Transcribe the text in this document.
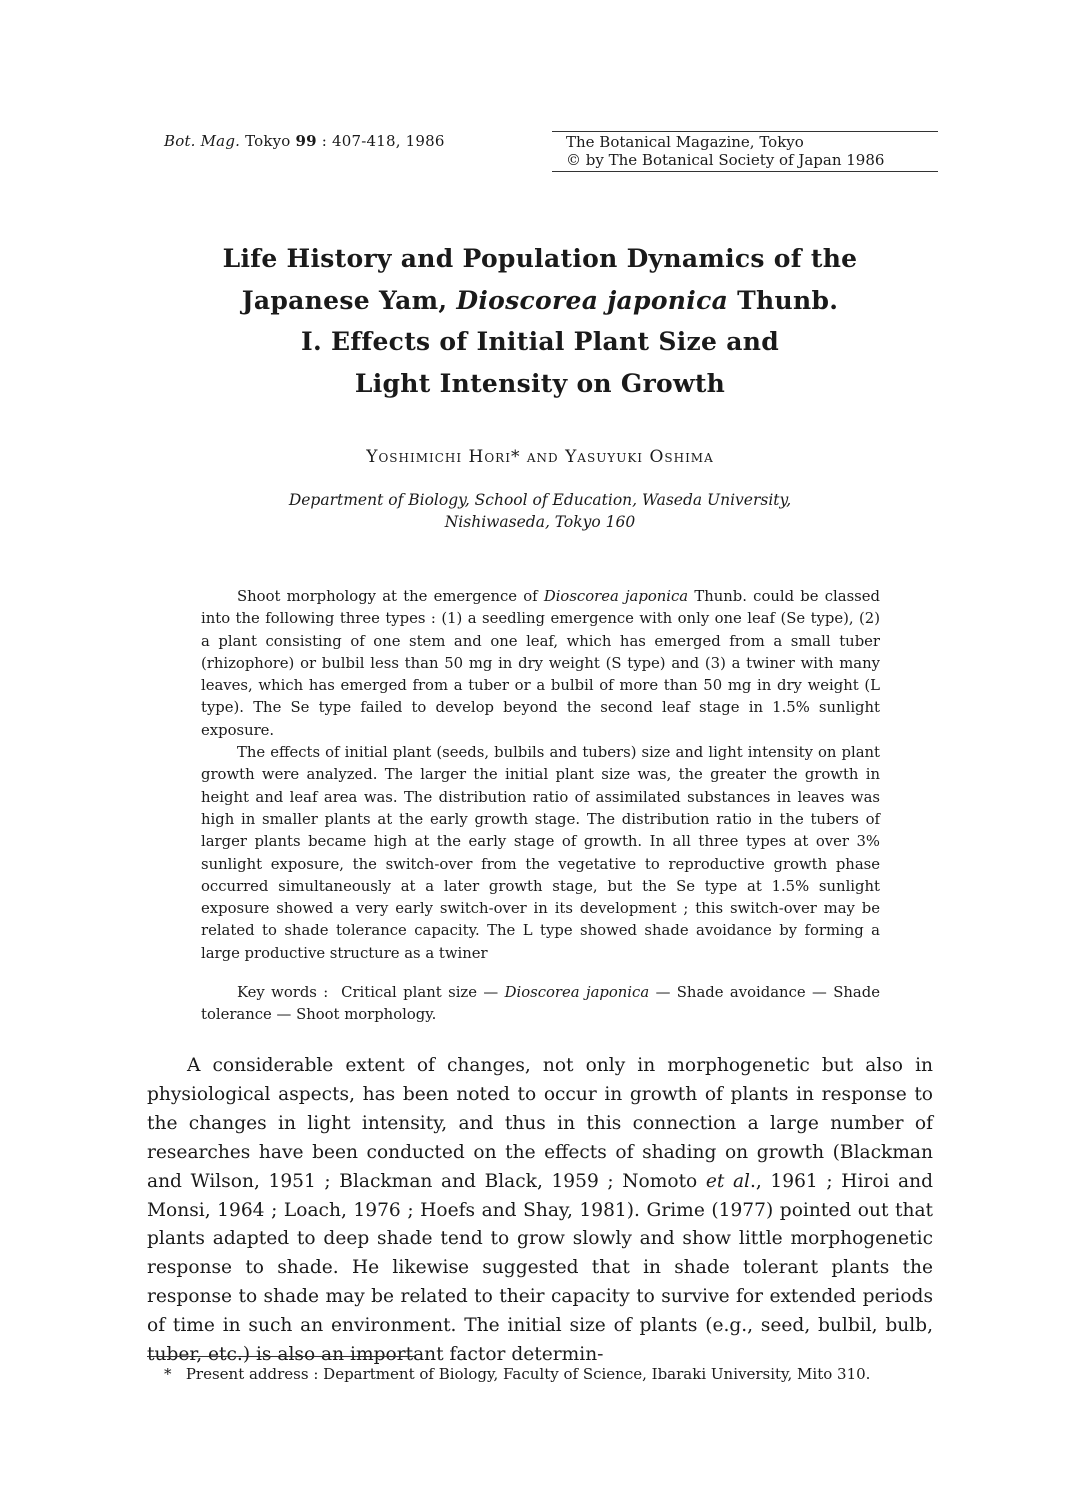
Bot. Mag. Tokyo 99 : 407-418, 1986	The Botanical Magazine, Tokyo
© by The Botanical Society of Japan 1986
Life History and Population Dynamics of the
Japanese Yam, Dioscorea japonica Thunb.
I. Effects of Initial Plant Size and
Light Intensity on Growth
Yoshimichi Hori* and Yasuyuki Oshima
Department of Biology, School of Education, Waseda University,
Nishiwaseda, Tokyo 160

Shoot morphology at the emergence of Dioscorea japonica Thunb. could be classed into the following three types : (1) a seedling emergence with only one leaf (Se type), (2) a plant consisting of one stem and one leaf, which has emerged from a small tuber (rhizophore) or bulbil less than 50 mg in dry weight (S type) and (3) a twiner with many leaves, which has emerged from a tuber or a bulbil of more than 50 mg in dry weight (L type). The Se type failed to develop beyond the second leaf stage in 1.5% sunlight exposure.

The effects of initial plant (seeds, bulbils and tubers) size and light intensity on plant growth were analyzed. The larger the initial plant size was, the greater the growth in height and leaf area was. The distribution ratio of assimilated substances in leaves was high in smaller plants at the early growth stage. The distribution ratio in the tubers of larger plants became high at the early stage of growth. In all three types at over 3% sunlight exposure, the switch-over from the vegetative to reproductive growth phase occurred simultaneously at a later growth stage, but the Se type at 1.5% sunlight exposure showed a very early switch-over in its development ; this switch-over may be related to shade tolerance capacity. The L type showed shade avoidance by forming a large productive structure as a twiner

Key words : Critical plant size — Dioscorea japonica — Shade avoidance — Shade tolerance — Shoot morphology.
A considerable extent of changes, not only in morphogenetic but also in physiological aspects, has been noted to occur in growth of plants in response to the changes in light intensity, and thus in this connection a large number of researches have been conducted on the effects of shading on growth (Blackman and Wilson, 1951 ; Blackman and Black, 1959 ; Nomoto et al., 1961 ; Hiroi and Monsi, 1964 ; Loach, 1976 ; Hoefs and Shay, 1981). Grime (1977) pointed out that plants adapted to deep shade tend to grow slowly and show little morphogenetic response to shade. He likewise suggested that in shade tolerant plants the response to shade may be related to their capacity to survive for extended periods of time in such an environment. The initial size of plants (e.g., seed, bulbil, bulb, tuber, etc.) is also an important factor determin-
* Present address : Department of Biology, Faculty of Science, Ibaraki University, Mito 310.
